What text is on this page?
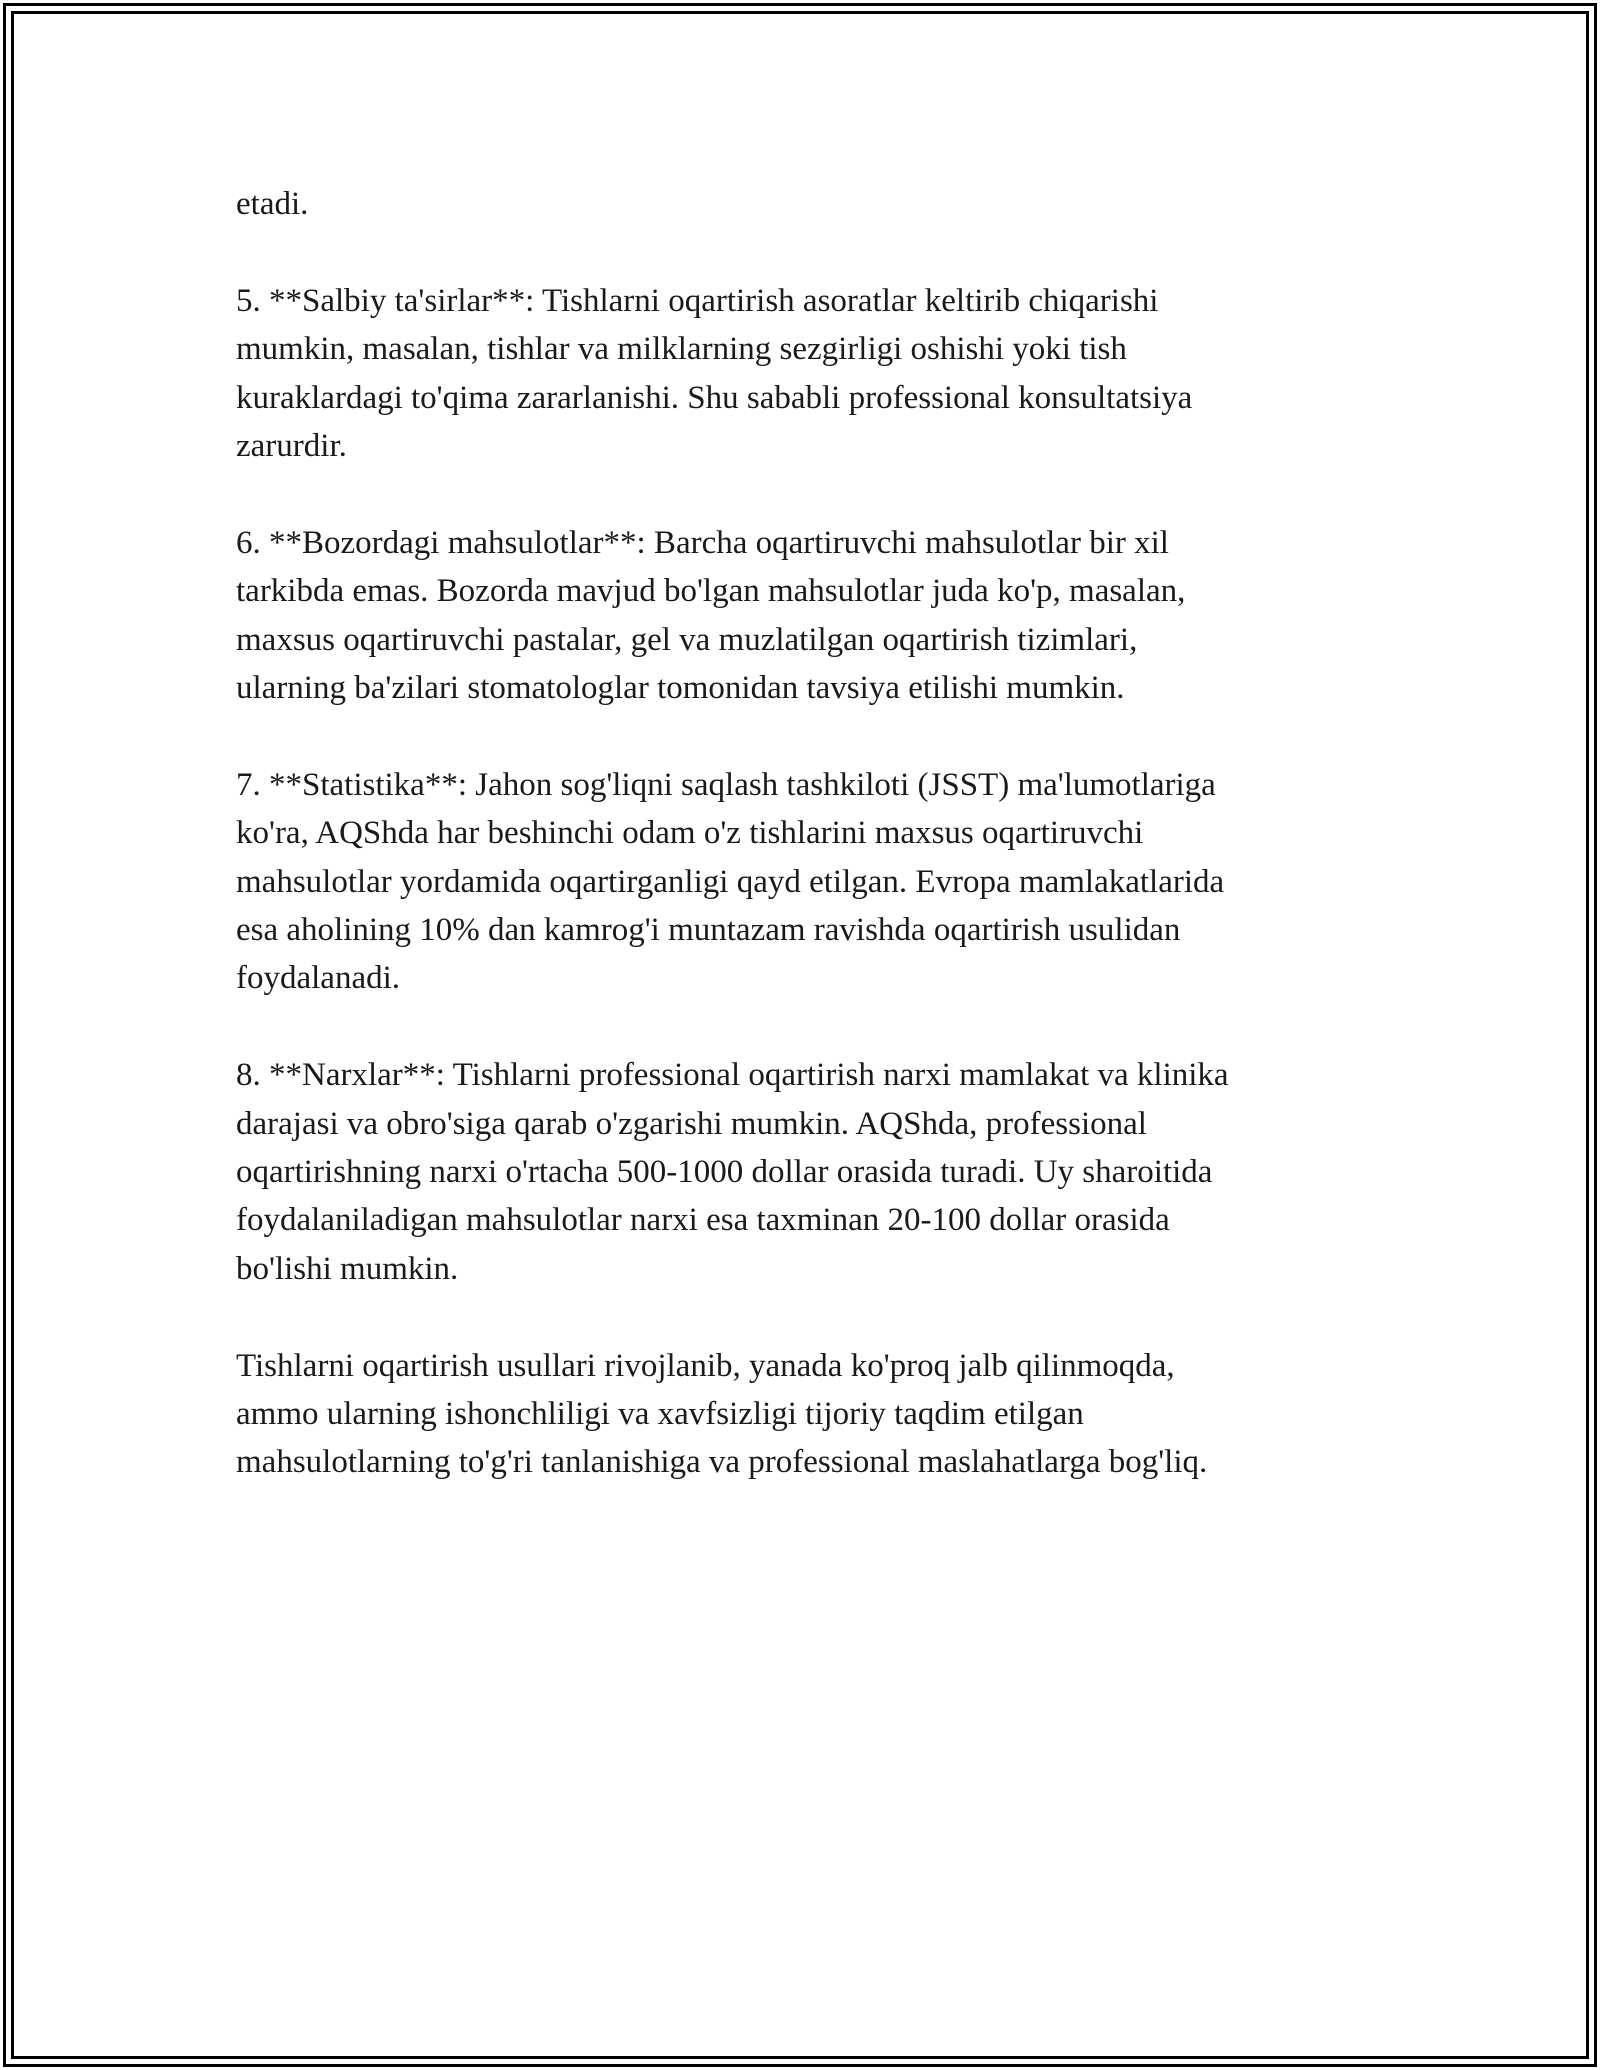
etadi.

5. **Salbiy ta'sirlar**: Tishlarni oqartirish asoratlar keltirib chiqarishi
mumkin, masalan, tishlar va milklarning sezgirligi oshishi yoki tish
kuraklardagi to'qima zararlanishi. Shu sababli professional konsultatsiya
zarurdir.

6. **Bozordagi mahsulotlar**: Barcha oqartiruvchi mahsulotlar bir xil
tarkibda emas. Bozorda mavjud bo'lgan mahsulotlar juda ko'p, masalan,
maxsus oqartiruvchi pastalar, gel va muzlatilgan oqartirish tizimlari,
ularning ba'zilari stomatologlar tomonidan tavsiya etilishi mumkin.

7. **Statistika**: Jahon sog'liqni saqlash tashkiloti (JSST) ma'lumotlariga
ko'ra, AQShda har beshinchi odam o'z tishlarini maxsus oqartiruvchi
mahsulotlar yordamida oqartirganligi qayd etilgan. Evropa mamlakatlarida
esa aholining 10% dan kamrog'i muntazam ravishda oqartirish usulidan
foydalanadi.

8. **Narxlar**: Tishlarni professional oqartirish narxi mamlakat va klinika
darajasi va obro'siga qarab o'zgarishi mumkin. AQShda, professional
oqartirishning narxi o'rtacha 500-1000 dollar orasida turadi. Uy sharoitida
foydalaniladigan mahsulotlar narxi esa taxminan 20-100 dollar orasida
bo'lishi mumkin.

Tishlarni oqartirish usullari rivojlanib, yanada ko'proq jalb qilinmoqda,
ammo ularning ishonchliligi va xavfsizligi tijoriy taqdim etilgan
mahsulotlarning to'g'ri tanlanishiga va professional maslahatlarga bog'liq.
